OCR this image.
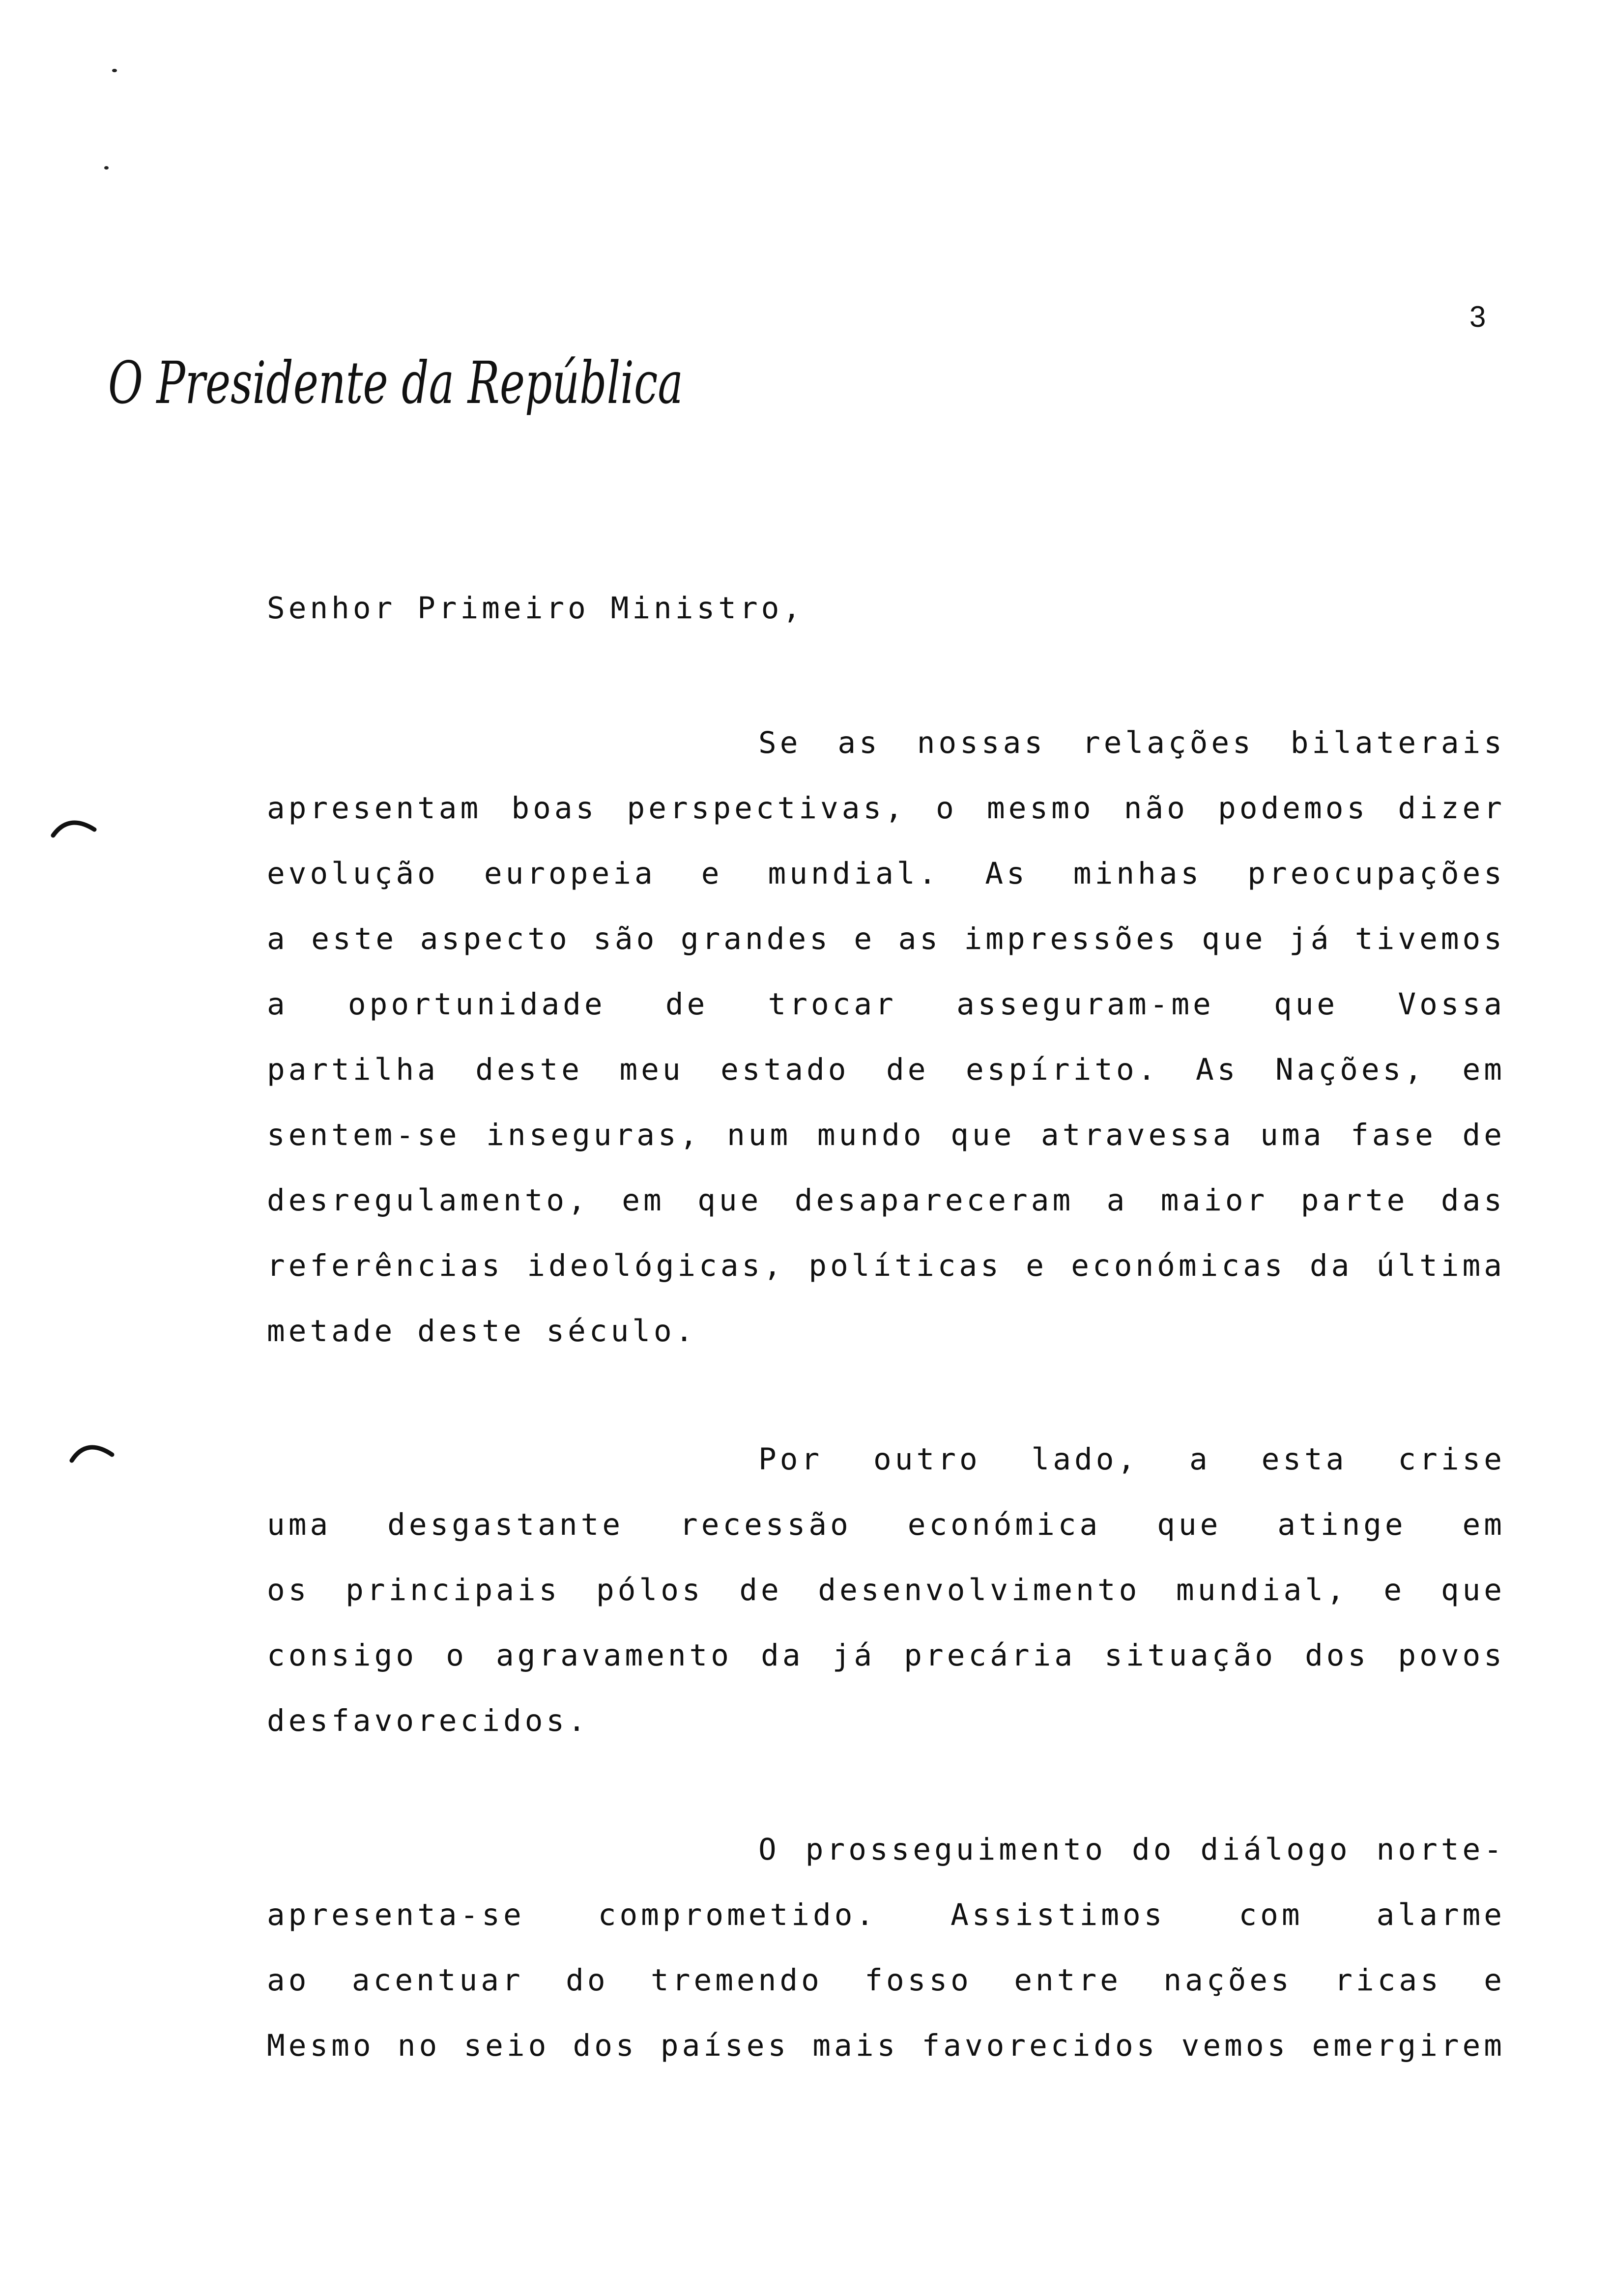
3
O Presidente da República
Senhor Primeiro Ministro,
Se as nossas relações bilaterais
apresentam boas perspectivas, o mesmo não podemos dizer
evolução europeia e mundial. As minhas preocupações
a este aspecto são grandes e as impressões que já tivemos
a oportunidade de trocar asseguram-me que Vossa
partilha deste meu estado de espírito. As Nações, em
sentem-se inseguras, num mundo que atravessa uma fase de
desregulamento, em que desapareceram a maior parte das
referências ideológicas, políticas e económicas da última
metade deste século.
Por outro lado, a esta crise
uma desgastante recessão económica que atinge em
os principais pólos de desenvolvimento mundial, e que
consigo o agravamento da já precária situação dos povos
desfavorecidos.
O prosseguimento do diálogo norte-
apresenta-se comprometido. Assistimos com alarme
ao acentuar do tremendo fosso entre nações ricas e
Mesmo no seio dos países mais favorecidos vemos emergirem
